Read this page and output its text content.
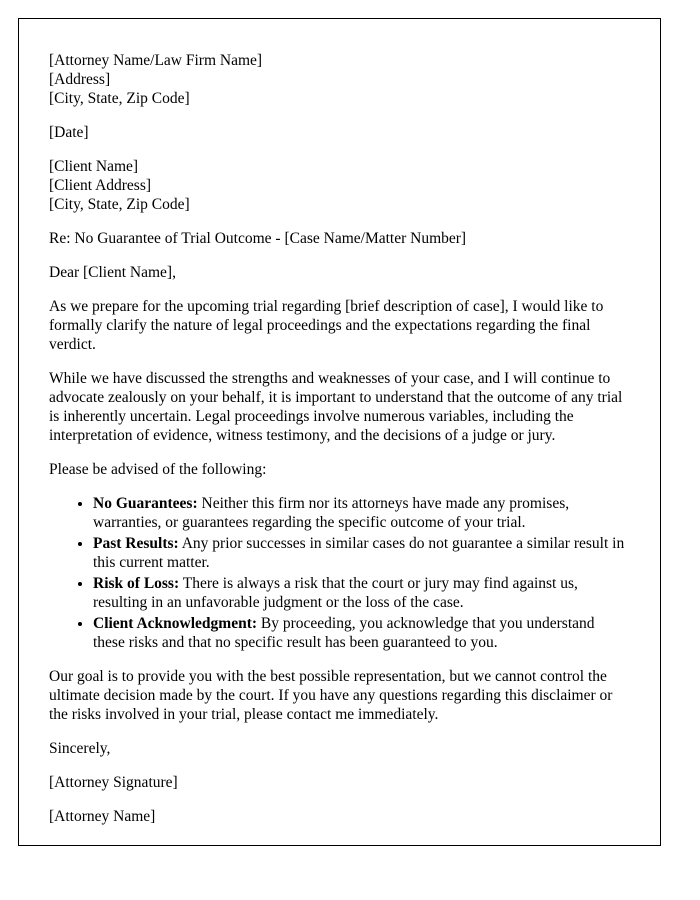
[Attorney Name/Law Firm Name]

[Address]

[City, State, Zip Code]

[Date]

[Client Name]

[Client Address]

[City, State, Zip Code]

Re: No Guarantee of Trial Outcome - [Case Name/Matter Number]

Dear [Client Name],

As we prepare for the upcoming trial regarding [brief description of case], I would like to formally clarify the nature of legal proceedings and the expectations regarding the final verdict.

While we have discussed the strengths and weaknesses of your case, and I will continue to advocate zealously on your behalf, it is important to understand that the outcome of any trial is inherently uncertain. Legal proceedings involve numerous variables, including the interpretation of evidence, witness testimony, and the decisions of a judge or jury.

Please be advised of the following:

• No Guarantees: Neither this firm nor its attorneys have made any promises, warranties, or guarantees regarding the specific outcome of your trial.
• Past Results: Any prior successes in similar cases do not guarantee a similar result in this current matter.
• Risk of Loss: There is always a risk that the court or jury may find against us, resulting in an unfavorable judgment or the loss of the case.
• Client Acknowledgment: By proceeding, you acknowledge that you understand these risks and that no specific result has been guaranteed to you.

Our goal is to provide you with the best possible representation, but we cannot control the ultimate decision made by the court. If you have any questions regarding this disclaimer or the risks involved in your trial, please contact me immediately.

Sincerely,

[Attorney Signature]

[Attorney Name]
